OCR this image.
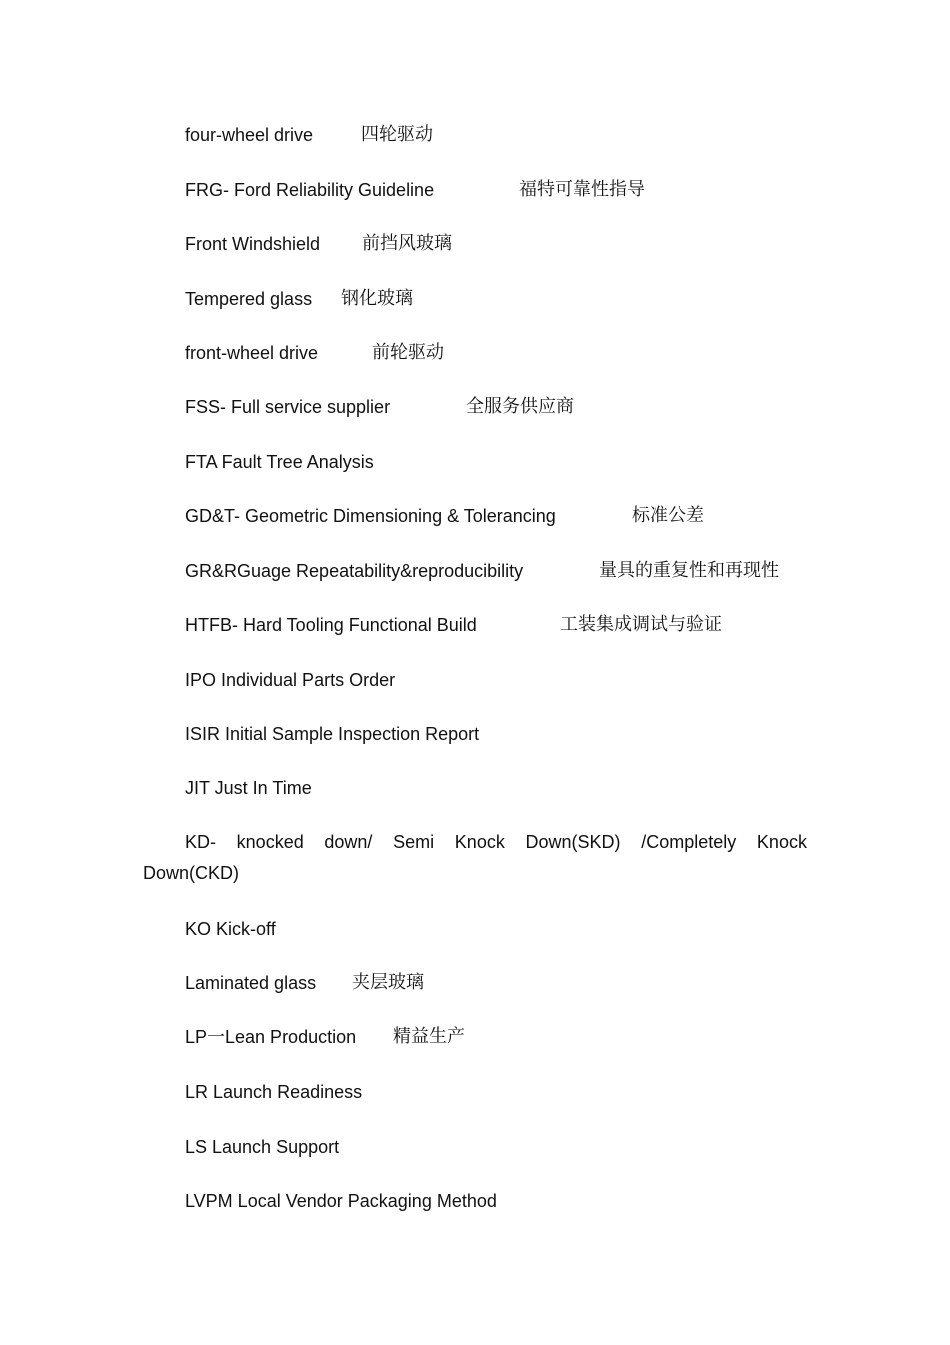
four-wheel drive	四轮驱动
FRG- Ford Reliability Guideline	福特可靠性指导
Front Windshield 前挡风玻璃
Tempered glass 钢化玻璃
front-wheel drive	前轮驱动
FSS- Full service supplier	全服务供应商
FTA Fault Tree Analysis
GD&T- Geometric Dimensioning & Tolerancing	标准公差
GR&RGuage Repeatability&reproducibility	量具的重复性和再现性
HTFB- Hard Tooling Functional Build	工装集成调试与验证
IPO Individual Parts Order
ISIR Initial Sample Inspection Report
JIT Just In Time
KD- knocked down/ Semi Knock Down(SKD) /Completely Knock
Down(CKD)
KO Kick-off
Laminated glass 夹层玻璃
LP一Lean Production 精益生产
LR Launch Readiness
LS Launch Support
LVPM Local Vendor Packaging Method
